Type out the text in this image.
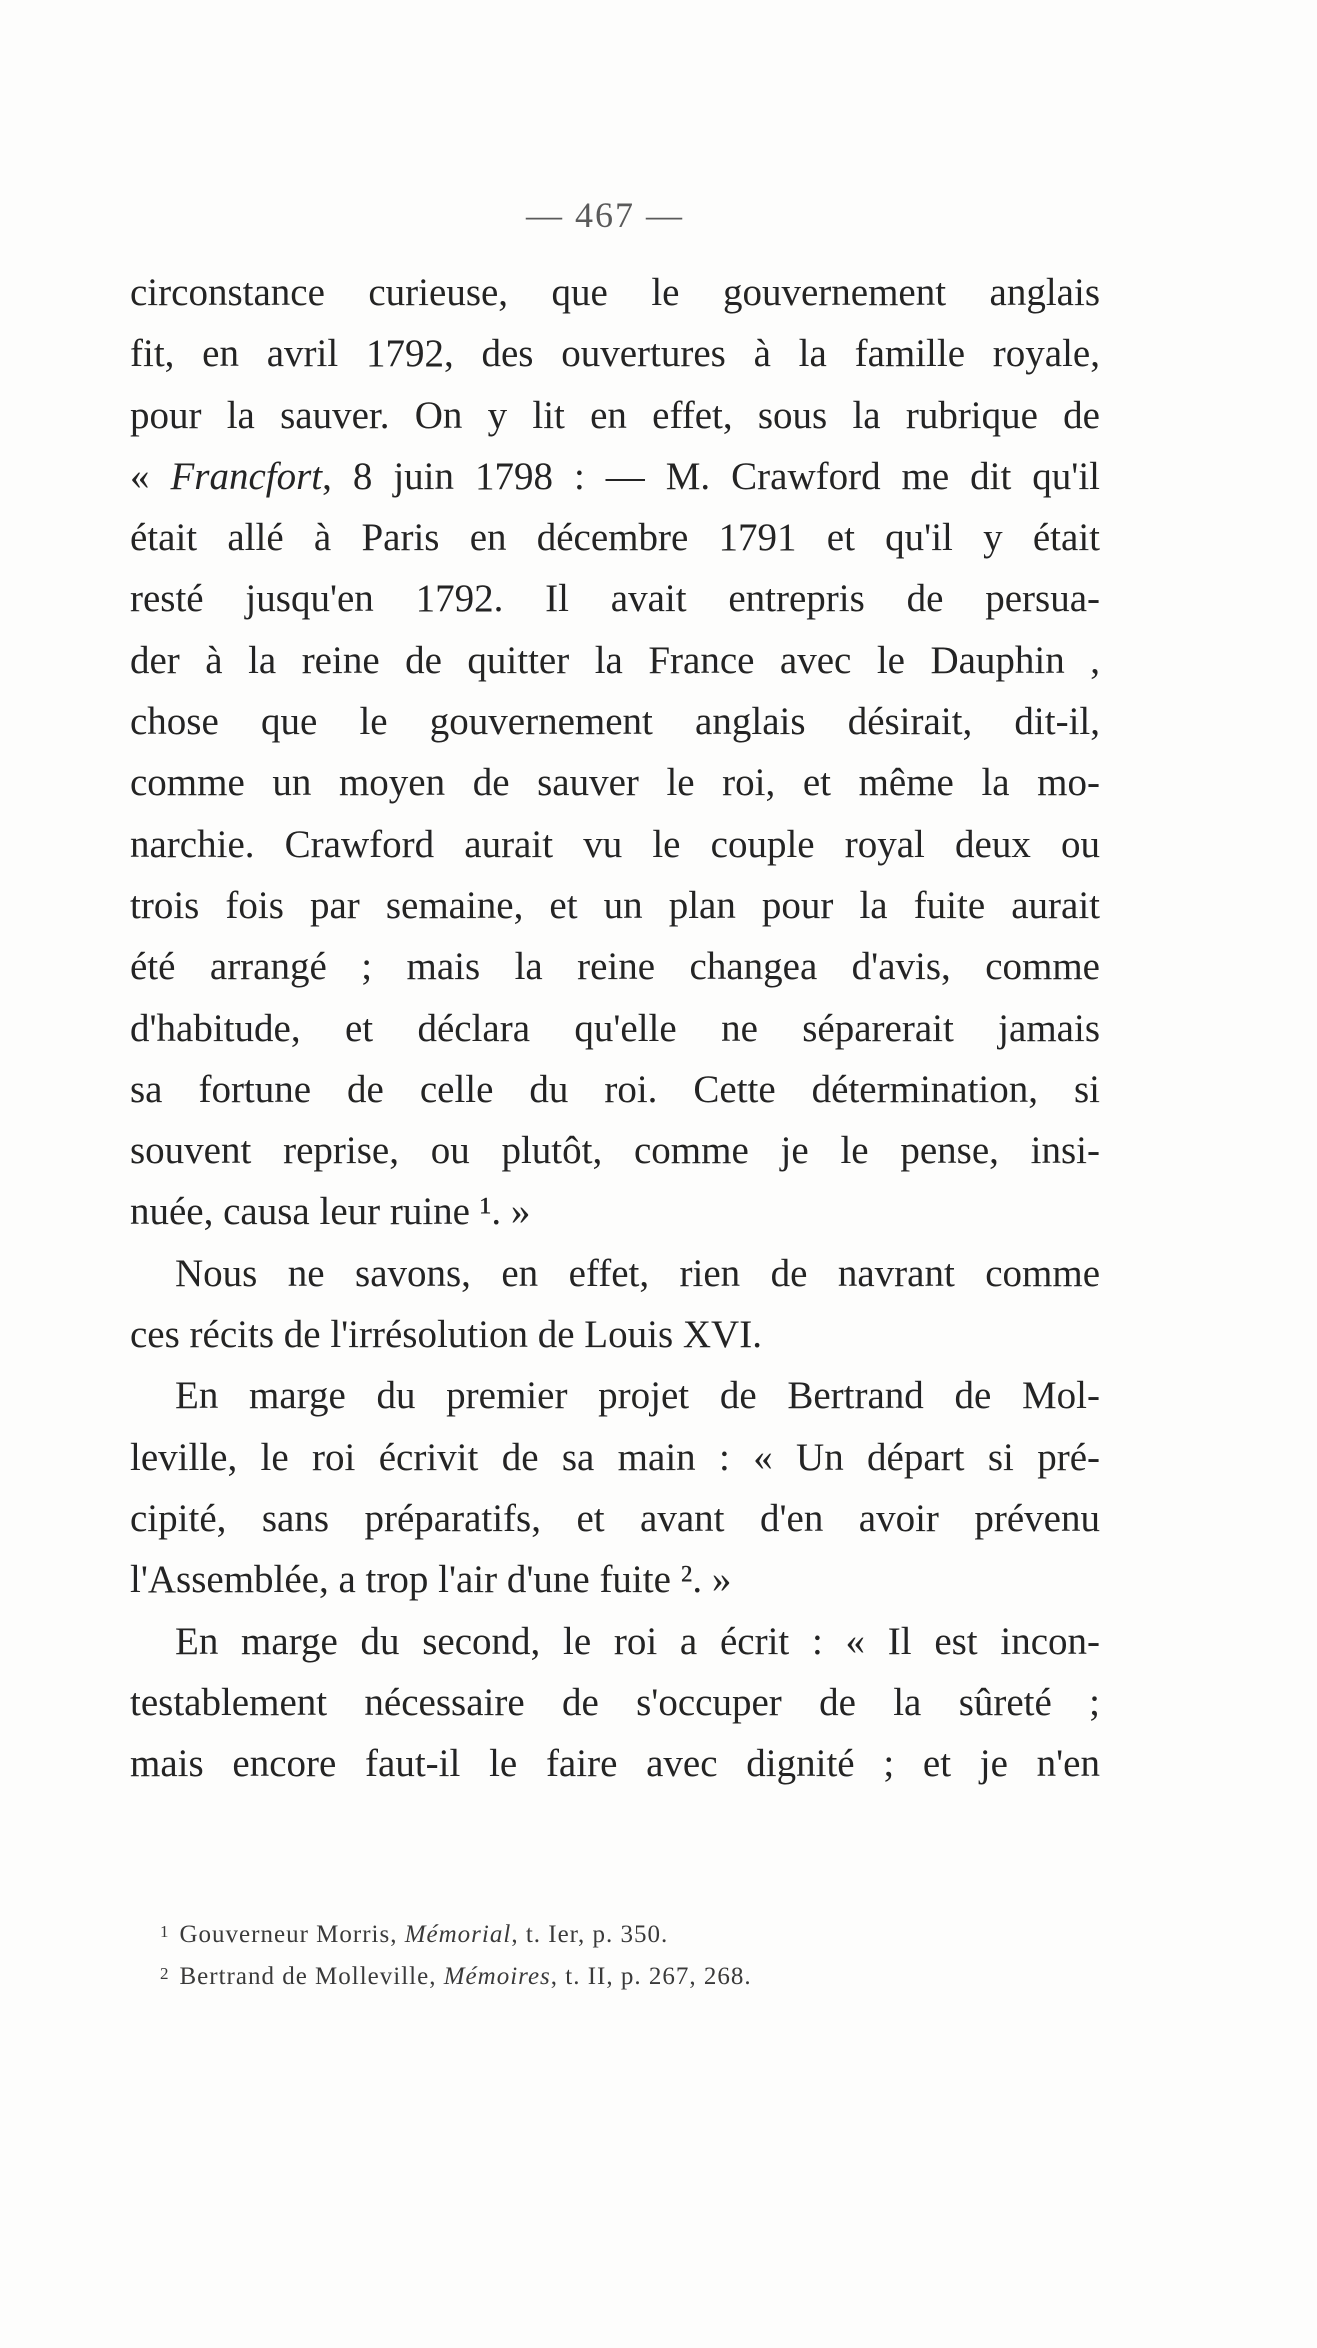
— 467 —
circonstance curieuse, que le gouvernement anglais
fit, en avril 1792, des ouvertures à la famille royale,
pour la sauver. On y lit en effet, sous la rubrique de
« Francfort, 8 juin 1798 : — M. Crawford me dit qu'il
était allé à Paris en décembre 1791 et qu'il y était
resté jusqu'en 1792. Il avait entrepris de persua-
der à la reine de quitter la France avec le Dauphin ,
chose que le gouvernement anglais désirait, dit-il,
comme un moyen de sauver le roi, et même la mo-
narchie. Crawford aurait vu le couple royal deux ou
trois fois par semaine, et un plan pour la fuite aurait
été arrangé ; mais la reine changea d'avis, comme
d'habitude, et déclara qu'elle ne séparerait jamais
sa fortune de celle du roi. Cette détermination, si
souvent reprise, ou plutôt, comme je le pense, insi-
nuée, causa leur ruine ¹. »
Nous ne savons, en effet, rien de navrant comme
ces récits de l'irrésolution de Louis XVI.
En marge du premier projet de Bertrand de Mol-
leville, le roi écrivit de sa main : « Un départ si pré-
cipité, sans préparatifs, et avant d'en avoir prévenu
l'Assemblée, a trop l'air d'une fuite ². »
En marge du second, le roi a écrit : « Il est incon-
testablement nécessaire de s'occuper de la sûreté ;
mais encore faut-il le faire avec dignité ; et je n'en
$^1$ Gouverneur Morris, Mémorial, t. Ier, p. 350.
$^2$ Bertrand de Molleville, Mémoires, t. II, p. 267, 268.
